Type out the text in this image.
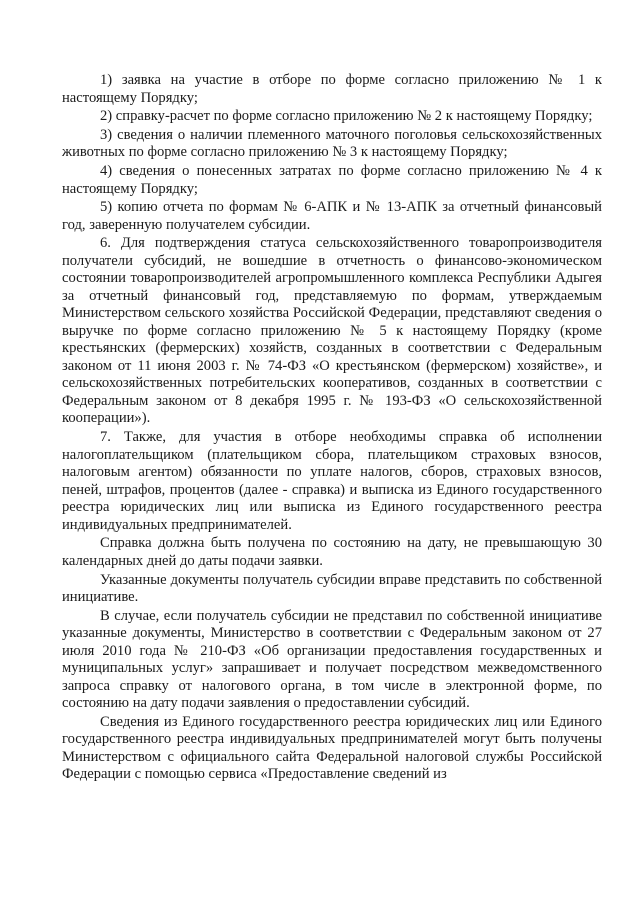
1) заявка на участие в отборе по форме согласно приложению № 1 к настоящему Порядку;

2) справку-расчет по форме согласно приложению № 2 к настоящему Порядку;

3) сведения о наличии племенного маточного поголовья сельскохозяйственных животных по форме согласно приложению № 3 к настоящему Порядку;

4) сведения о понесенных затратах по форме согласно приложению № 4 к настоящему Порядку;

5) копию отчета по формам № 6-АПК и № 13-АПК за отчетный финансовый год, заверенную получателем субсидии.

6. Для подтверждения статуса сельскохозяйственного товаропроизводителя получатели субсидий, не вошедшие в отчетность о финансово-экономическом состоянии товаропроизводителей агропромышленного комплекса Республики Адыгея за отчетный финансовый год, представляемую по формам, утверждаемым Министерством сельского хозяйства Российской Федерации, представляют сведения о выручке по форме согласно приложению № 5 к настоящему Порядку (кроме крестьянских (фермерских) хозяйств, созданных в соответствии с Федеральным законом от 11 июня 2003 г. № 74-ФЗ «О крестьянском (фермерском) хозяйстве», и сельскохозяйственных потребительских кооперативов, созданных в соответствии с Федеральным законом от 8 декабря 1995 г. № 193-ФЗ «О сельскохозяйственной кооперации»).

7. Также, для участия в отборе необходимы справка об исполнении налогоплательщиком (плательщиком сбора, плательщиком страховых взносов, налоговым агентом) обязанности по уплате налогов, сборов, страховых взносов, пеней, штрафов, процентов (далее - справка) и выписка из Единого государственного реестра юридических лиц или выписка из Единого государственного реестра индивидуальных предпринимателей.

Справка должна быть получена по состоянию на дату, не превышающую 30 календарных дней до даты подачи заявки.

Указанные документы получатель субсидии вправе представить по собственной инициативе.

В случае, если получатель субсидии не представил по собственной инициативе указанные документы, Министерство в соответствии с Федеральным законом от 27 июля 2010 года № 210-ФЗ «Об организации предоставления государственных и муниципальных услуг» запрашивает и получает посредством межведомственного запроса справку от налогового органа, в том числе в электронной форме, по состоянию на дату подачи заявления о предоставлении субсидий.

Сведения из Единого государственного реестра юридических лиц или Единого государственного реестра индивидуальных предпринимателей могут быть получены Министерством с официального сайта Федеральной налоговой службы Российской Федерации с помощью сервиса «Предоставление сведений из
